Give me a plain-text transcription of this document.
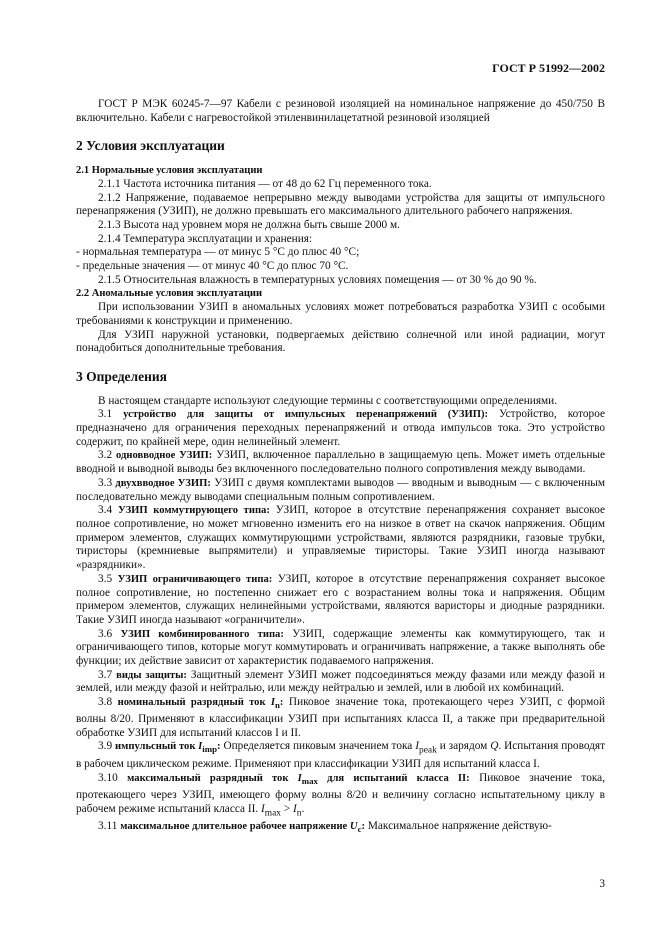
ГОСТ Р 51992—2002

ГОСТ Р МЭК 60245-7—97 Кабели с резиновой изоляцией на номинальное напряжение до 450/750 В включительно. Кабели с нагревостойкой этиленвинилацетатной резиновой изоляцией

2 Условия эксплуатации
2.1 Нормальные условия эксплуатации

2.1.1 Частота источника питания — от 48 до 62 Гц переменного тока.

2.1.2 Напряжение, подаваемое непрерывно между выводами устройства для защиты от импульсного перенапряжения (УЗИП), не должно превышать его максимального длительного рабочего напряжения.

2.1.3 Высота над уровнем моря не должна быть свыше 2000 м.

2.1.4 Температура эксплуатации и хранения:

- нормальная температура — от минус 5 °С до плюс 40 °С;

- предельные значения — от минус 40 °С до плюс 70 °С.

2.1.5 Относительная влажность в температурных условиях помещения — от 30 % до 90 %.

2.2 Аномальные условия эксплуатации

При использовании УЗИП в аномальных условиях может потребоваться разработка УЗИП с особыми требованиями к конструкции и применению.

Для УЗИП наружной установки, подвергаемых действию солнечной или иной радиации, могут понадобиться дополнительные требования.

3 Определения

В настоящем стандарте используют следующие термины с соответствующими определениями.

3.1 устройство для защиты от импульсных перенапряжений (УЗИП): Устройство, которое предназначено для ограничения переходных перенапряжений и отвода импульсов тока. Это устройство содержит, по крайней мере, один нелинейный элемент.

3.2 одновводное УЗИП: УЗИП, включенное параллельно в защищаемую цепь. Может иметь отдельные вводной и выводной выводы без включенного последовательно полного сопротивления между выводами.

3.3 двухвводное УЗИП: УЗИП с двумя комплектами выводов — вводным и выводным — с включенным последовательно между выводами специальным полным сопротивлением.

3.4 УЗИП коммутирующего типа: УЗИП, которое в отсутствие перенапряжения сохраняет высокое полное сопротивление, но может мгновенно изменить его на низкое в ответ на скачок напряжения. Общим примером элементов, служащих коммутирующими устройствами, являются разрядники, газовые трубки, тиристоры (кремниевые выпрямители) и управляемые тиристоры. Такие УЗИП иногда называют «разрядники».

3.5 УЗИП ограничивающего типа: УЗИП, которое в отсутствие перенапряжения сохраняет высокое полное сопротивление, но постепенно снижает его с возрастанием волны тока и напряжения. Общим примером элементов, служащих нелинейными устройствами, являются варисторы и диодные разрядники. Такие УЗИП иногда называют «ограничители».

3.6 УЗИП комбинированного типа: УЗИП, содержащие элементы как коммутирующего, так и ограничивающего типов, которые могут коммутировать и ограничивать напряжение, а также выполнять обе функции; их действие зависит от характеристик подаваемого напряжения.

3.7 виды защиты: Защитный элемент УЗИП может подсоединяться между фазами или между фазой и землей, или между фазой и нейтралью, или между нейтралью и землей, или в любой их комбинаций.

3.8 номинальный разрядный ток $I_n$: Пиковое значение тока, протекающего через УЗИП, с формой волны 8/20. Применяют в классификации УЗИП при испытаниях класса II, а также при предварительной обработке УЗИП для испытаний классов I и II.

3.9 импульсный ток $I_{imp}$: Определяется пиковым значением тока $I_{peak}$ и зарядом Q. Испытания проводят в рабочем циклическом режиме. Применяют при классификации УЗИП для испытаний класса I.

3.10 максимальный разрядный ток $I_{max}$ для испытаний класса II: Пиковое значение тока, протекающего через УЗИП, имеющего форму волны 8/20 и величину согласно испытательному циклу в рабочем режиме испытаний класса II. $I_{max} > I_n$.

3.11 максимальное длительное рабочее напряжение $U_c$: Максимальное напряжение действую-

3
